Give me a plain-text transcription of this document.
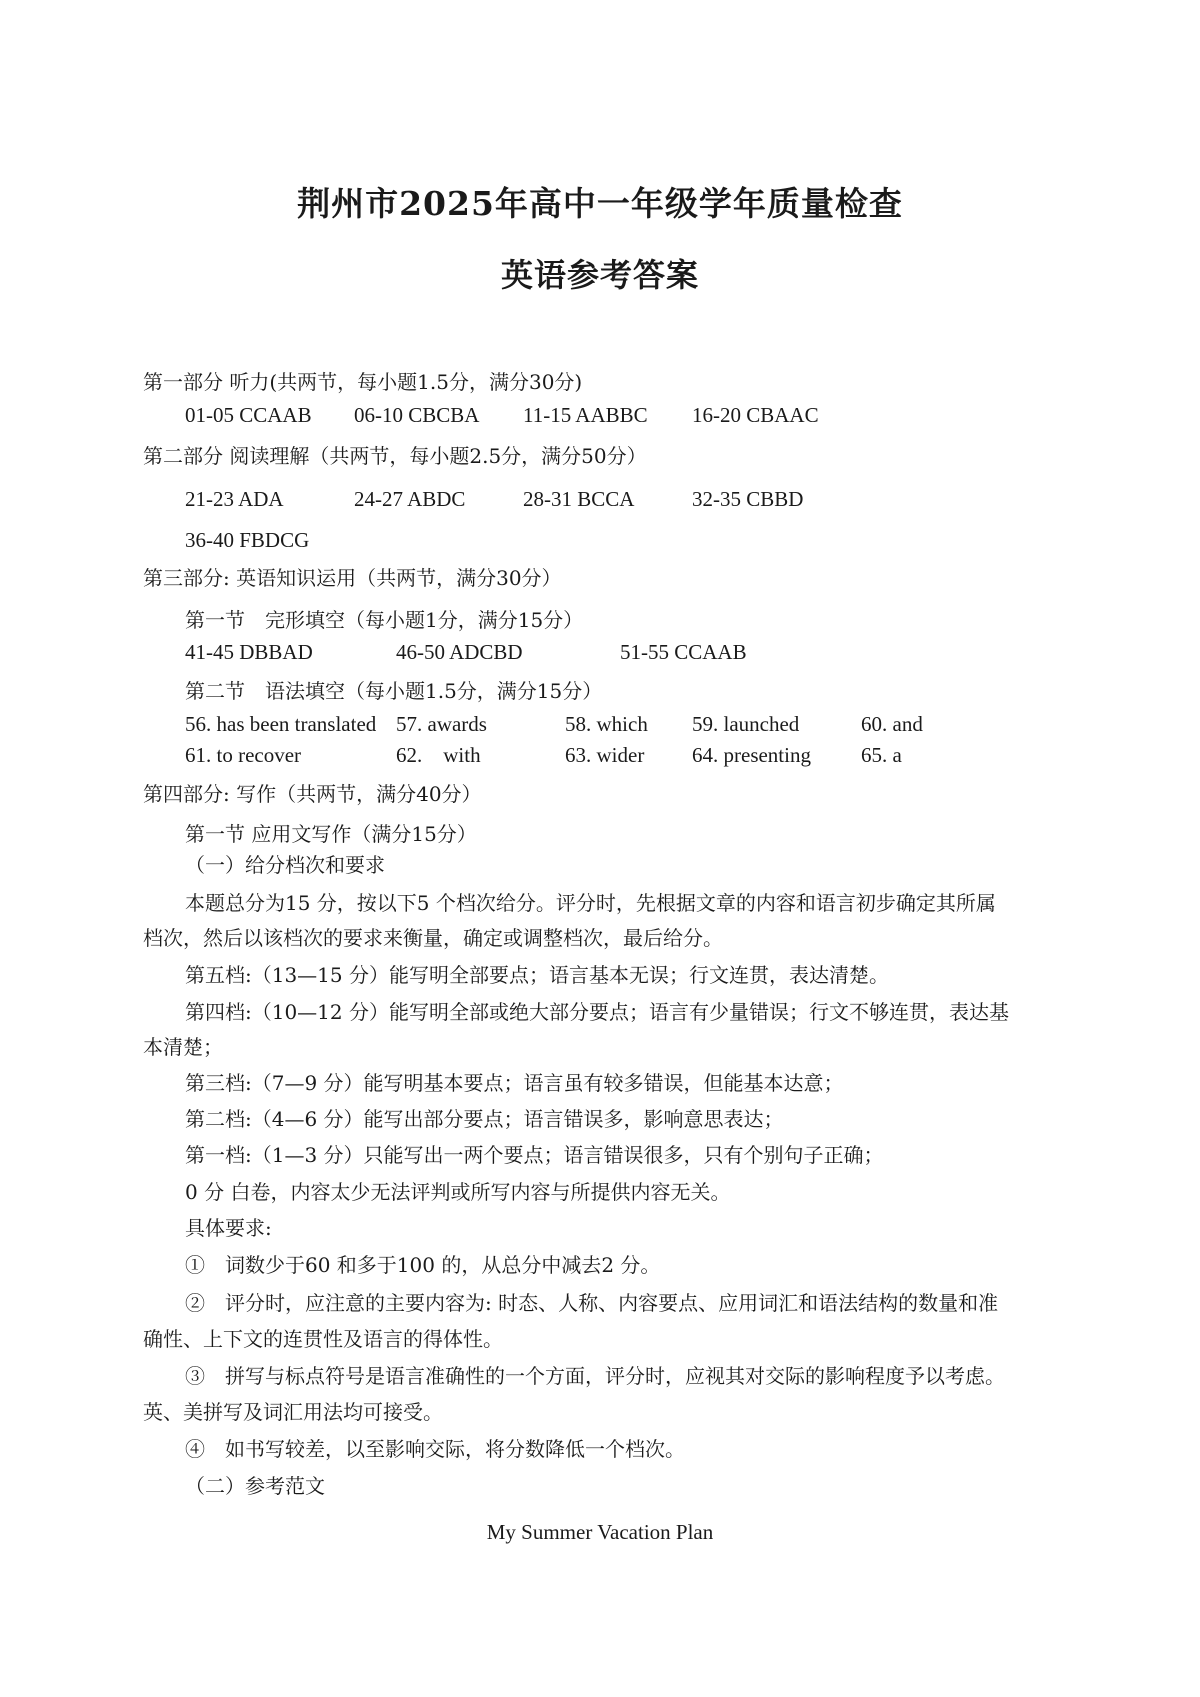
荆州市2025年高中一年级学年质量检查
英语参考答案
第一部分 听力(共两节，每小题1.5分，满分30分)
01-05 CCAAB 06-10 CBCBA 11-15 AABBC 16-20 CBAAC
第二部分 阅读理解（共两节，每小题2.5分，满分50分）
21-23 ADA	24-27 ABDC	28-31 BCCA	32-35 CBBD
36-40 FBDCG
第三部分: 英语知识运用（共两节，满分30分）
第一节　完形填空（每小题1分，满分15分）
41-45 DBBAD	46-50 ADCBD	51-55 CCAAB
第二节　语法填空（每小题1.5分，满分15分）
56. has been translated 57. awards	58. which 59. launched	60. and
61. to recover	62.　with	63. wider 64. presenting 65. a
第四部分: 写作（共两节，满分40分）
第一节 应用文写作（满分15分）
（一）给分档次和要求
本题总分为15 分，按以下5 个档次给分。评分时，先根据文章的内容和语言初步确定其所属
档次，然后以该档次的要求来衡量，确定或调整档次，最后给分。
第五档:（13—15 分）能写明全部要点；语言基本无误；行文连贯，表达清楚。
第四档:（10—12 分）能写明全部或绝大部分要点；语言有少量错误；行文不够连贯，表达基
本清楚；
第三档:（7—9 分）能写明基本要点；语言虽有较多错误，但能基本达意；
第二档:（4—6 分）能写出部分要点；语言错误多，影响意思表达；
第一档:（1—3 分）只能写出一两个要点；语言错误很多，只有个别句子正确；
0 分 白卷，内容太少无法评判或所写内容与所提供内容无关。
具体要求:
①　词数少于60 和多于100 的，从总分中减去2 分。
②　评分时，应注意的主要内容为: 时态、人称、内容要点、应用词汇和语法结构的数量和准
确性、上下文的连贯性及语言的得体性。
③　拼写与标点符号是语言准确性的一个方面，评分时，应视其对交际的影响程度予以考虑。
英、美拼写及词汇用法均可接受。
④　如书写较差，以至影响交际，将分数降低一个档次。
（二）参考范文
My Summer Vacation Plan
